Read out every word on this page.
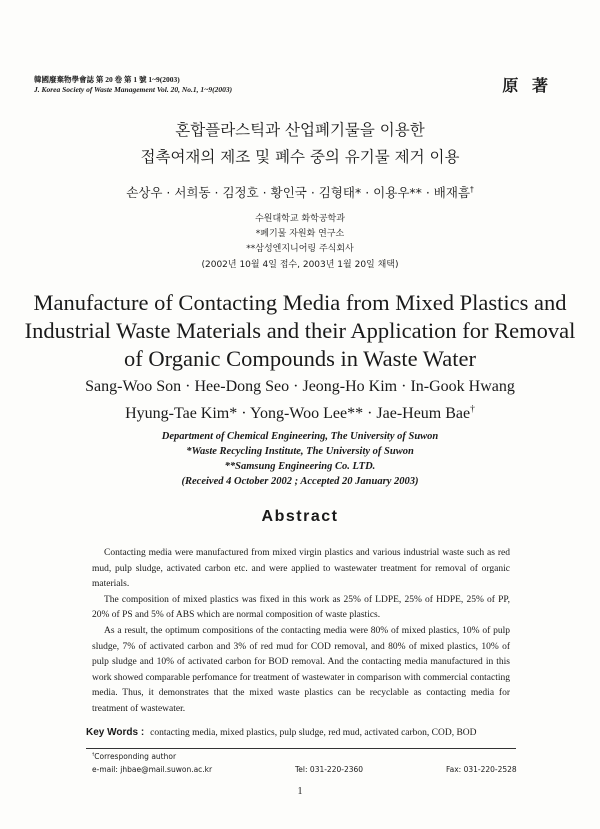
韓國廢棄物學會誌 第 20 卷 第 1 號 1~9(2003)
J. Korea Society of Waste Management Vol. 20, No.1, 1~9(2003)	原 著
혼합플라스틱과 산업폐기물을 이용한
접촉여재의 제조 및 폐수 중의 유기물 제거 이용
손상우 · 서희동 · 김정호 · 황인국 · 김형태* · 이용우** · 배재흠†
수원대학교 화학공학과
*폐기물 자원화 연구소
**삼성엔지니어링 주식회사
(2002년 10월 4일 접수, 2003년 1월 20일 채택)
Manufacture of Contacting Media from Mixed Plastics and
Industrial Waste Materials and their Application for Removal
of Organic Compounds in Waste Water
Sang-Woo Son · Hee-Dong Seo · Jeong-Ho Kim · In-Gook Hwang
Hyung-Tae Kim* · Yong-Woo Lee** · Jae-Heum Bae†
Department of Chemical Engineering, The University of Suwon
*Waste Recycling Institute, The University of Suwon
**Samsung Engineering Co. LTD.
(Received 4 October 2002 ; Accepted 20 January 2003)
Abstract

Contacting media were manufactured from mixed virgin plastics and various industrial waste such as red mud, pulp sludge, activated carbon etc. and were applied to wastewater treatment for removal of organic materials.

The composition of mixed plastics was fixed in this work as 25% of LDPE, 25% of HDPE, 25% of PP, 20% of PS and 5% of ABS which are normal composition of waste plastics.

As a result, the optimum compositions of the contacting media were 80% of mixed plastics, 10% of pulp sludge, 7% of activated carbon and 3% of red mud for COD removal, and 80% of mixed plastics, 10% of pulp sludge and 10% of activated carbon for BOD removal. And the contacting media manufactured in this work showed comparable perfomance for treatment of wastewater in comparison with commercial contacting media. Thus, it demonstrates that the mixed waste plastics can be recyclable as contacting media for treatment of wastewater.

Key Words : contacting media, mixed plastics, pulp sludge, red mud, activated carbon, COD, BOD
†Corresponding author
e-mail: jhbae@mail.suwon.ac.kr	Tel: 031-220-2360	Fax: 031-220-2528
1
